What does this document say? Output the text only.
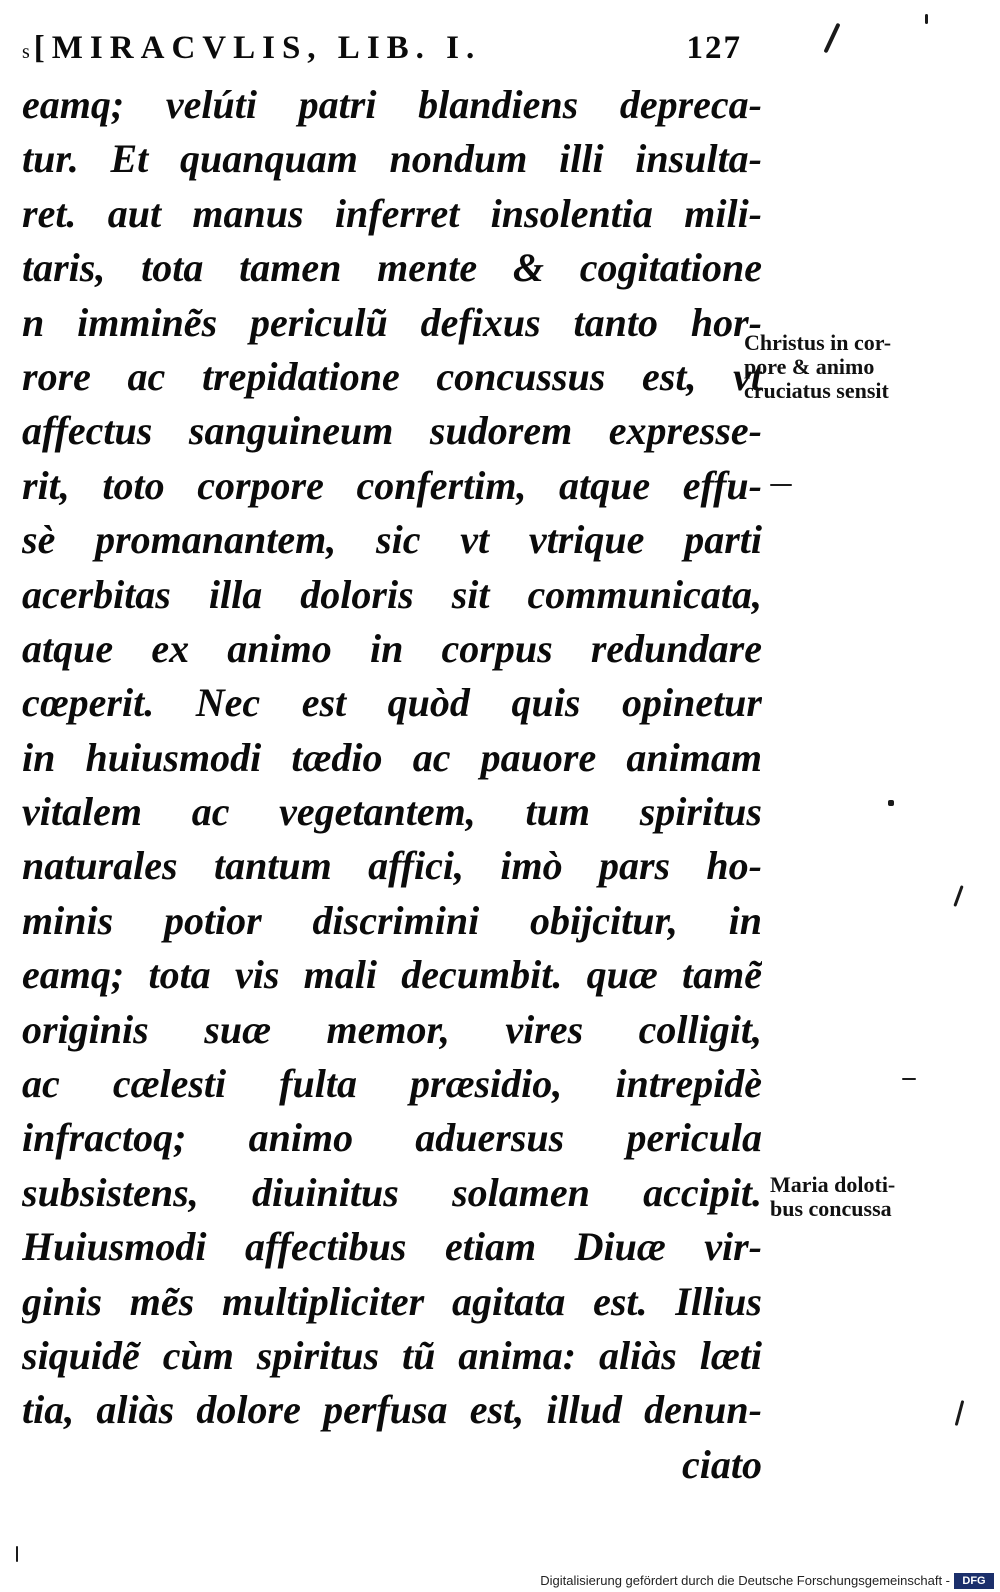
s [MIRACVLIS, LIB. I.	127
eamq; velúti patri blandiens depreca-
tur. Et quanquam nondum illi insulta-
ret. aut manus inferret insolentia mili-
taris, tota tamen mente & cogitatione
n imminẽs periculũ defixus tanto hor-
rore ac trepidatione concussus est, vt
affectus sanguineum sudorem expresse-
rit, toto corpore confertim, atque effu-
sè promanantem, sic vt vtrique parti
acerbitas illa doloris sit communicata,
atque ex animo in corpus redundare
cœperit. Nec est quòd quis opinetur
in huiusmodi tædio ac pauore animam
vitalem ac vegetantem, tum spiritus
naturales tantum affici, imò pars ho-
minis potior discrimini obijcitur, in
eamq; tota vis mali decumbit. quæ tamẽ
originis suæ memor, vires colligit,
ac cælesti fulta præsidio, intrepidè
infractoq; animo aduersus pericula
subsistens, diuinitus solamen accipit.
Huiusmodi affectibus etiam Diuæ vir-
ginis mẽs multipliciter agitata est. Illius
siquidẽ cùm spiritus tũ anima: aliàs læti
tia, aliàs dolore perfusa est, illud denun-
ciato
Christus in cor-
pore & animo
cruciatus sensit
Maria doloti-
bus concussa
Digitalisierung gefördert durch die Deutsche Forschungsgemeinschaft -	DFG
